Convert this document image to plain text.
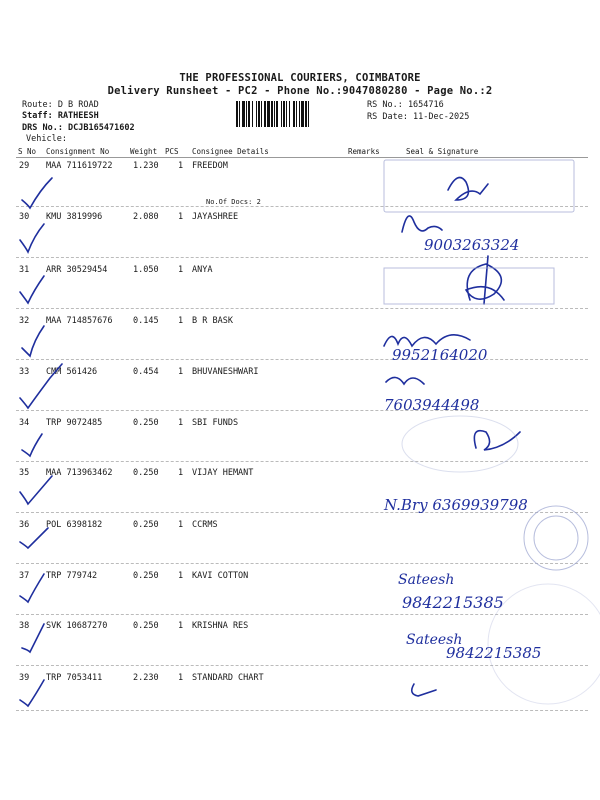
THE PROFESSIONAL COURIERS, COIMBATORE
Delivery Runsheet - PC2 - Phone No.:9047080280 - Page No.:2
Route: D B ROAD
Staff: RATHEESH
DRS No.: DCJB165471602
Vehicle:
RS No.: 1654716
RS Date: 11-Dec-2025
S No Consignment No	Weight PCS Consignee Details	Remarks	Seal & Signature
No.Of Docs: 2
29 MAA 711619722 1.230 1 FREEDOM
30 KMU 3819996	2.080 1 JAYASHREE
31 ARR 30529454	1.050 1 ANYA
32 MAA 714857676 0.145 1 B R BASK
33 CMM 561426	0.454 1 BHUVANESHWARI
34 TRP 9072485	0.250 1 SBI FUNDS
35 MAA 713963462 0.250 1 VIJAY HEMANT
36 POL 6398182	0.250 1 CCRMS
37 TRP 779742	0.250 1 KAVI COTTON
38 SVK 10687270	0.250 1 KRISHNA RES
39 TRP 7053411	2.230 1 STANDARD CHART
9003263324
9952164020
7603944498
N.Bry 6369939798
Sateesh
9842215385
Sateesh
9842215385
